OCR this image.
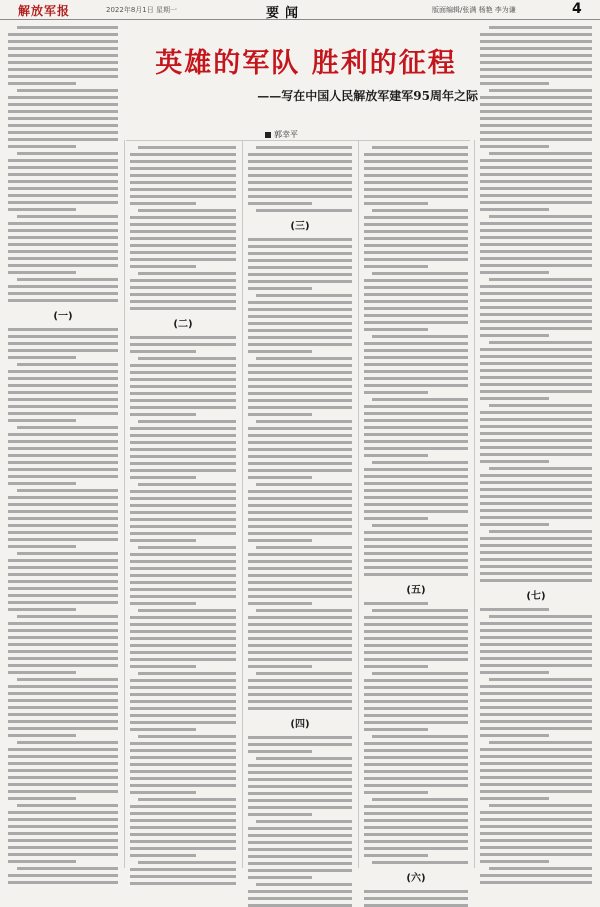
解放军报	2022年8月1日 星期一	要闻	版面编辑/张满 杨艳 李为谦	4
英雄的军队 胜利的征程
——写在中国人民解放军建军95周年之际
郭幸平
(一)
(二)
(三)
(四)
(五)
(六)
(七)
